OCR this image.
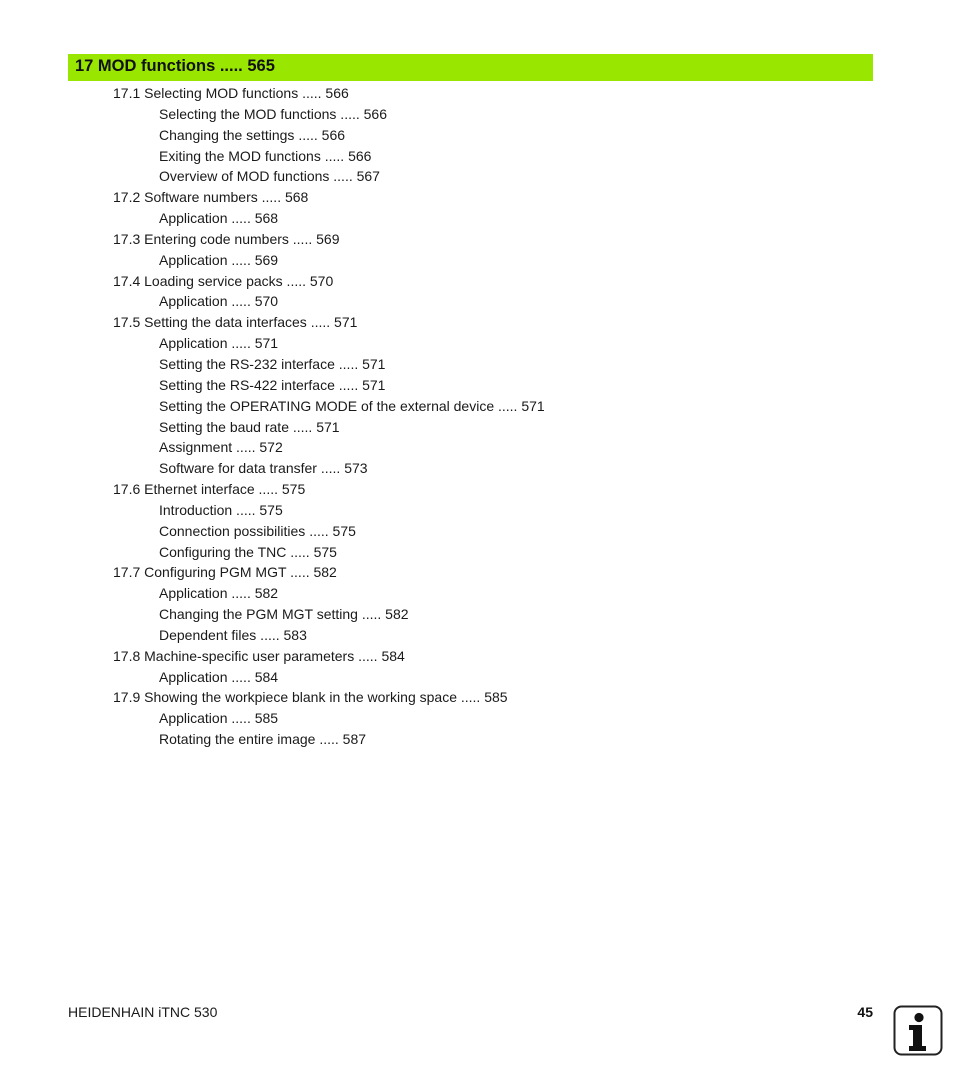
17 MOD functions ..... 565
17.1 Selecting MOD functions ..... 566
Selecting the MOD functions ..... 566
Changing the settings ..... 566
Exiting the MOD functions ..... 566
Overview of MOD functions ..... 567
17.2 Software numbers ..... 568
Application ..... 568
17.3 Entering code numbers ..... 569
Application ..... 569
17.4 Loading service packs ..... 570
Application ..... 570
17.5 Setting the data interfaces ..... 571
Application ..... 571
Setting the RS-232 interface ..... 571
Setting the RS-422 interface ..... 571
Setting the OPERATING MODE of the external device ..... 571
Setting the baud rate ..... 571
Assignment ..... 572
Software for data transfer ..... 573
17.6 Ethernet interface ..... 575
Introduction ..... 575
Connection possibilities ..... 575
Configuring the TNC ..... 575
17.7 Configuring PGM MGT ..... 582
Application ..... 582
Changing the PGM MGT setting ..... 582
Dependent files ..... 583
17.8 Machine-specific user parameters ..... 584
Application ..... 584
17.9 Showing the workpiece blank in the working space ..... 585
Application ..... 585
Rotating the entire image ..... 587
HEIDENHAIN iTNC 530	45
